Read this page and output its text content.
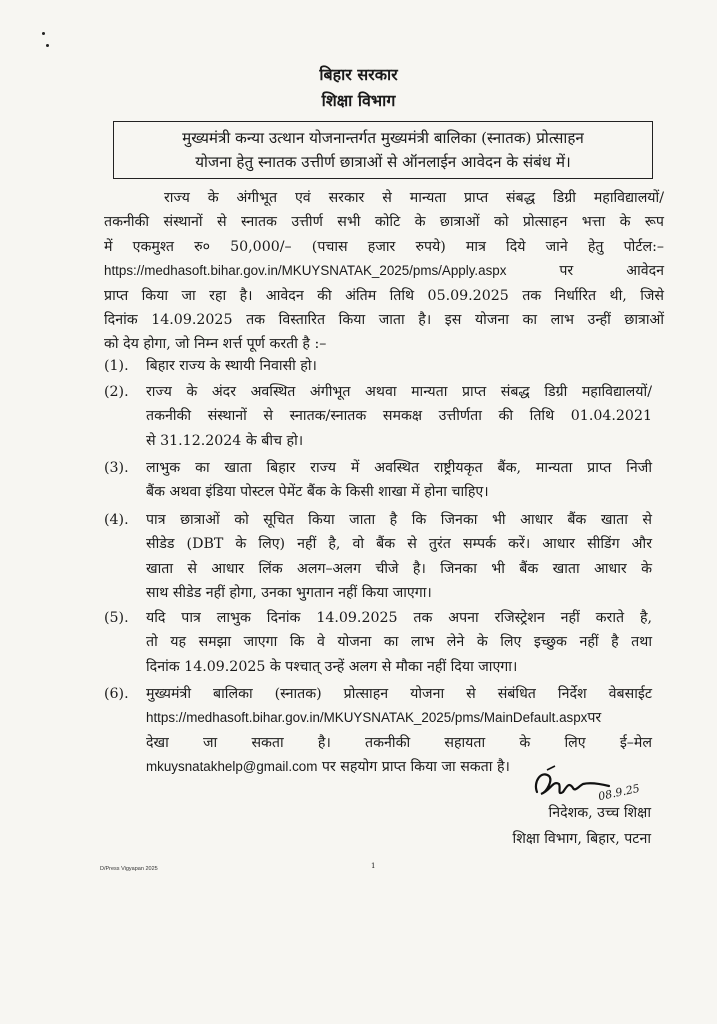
बिहार सरकार
शिक्षा विभाग
मुख्यमंत्री कन्या उत्थान योजनान्तर्गत मुख्यमंत्री बालिका (स्नातक) प्रोत्साहन
योजना हेतु स्नातक उत्तीर्ण छात्राओं से ऑनलाईन आवेदन के संबंध में।
राज्य के अंगीभूत एवं सरकार से मान्यता प्राप्त संबद्ध डिग्री महाविद्यालयों/
तकनीकी संस्थानों से स्नातक उत्तीर्ण सभी कोटि के छात्राओं को प्रोत्साहन भत्ता के रूप
में एकमुश्त रु० 50,000/– (पचास हजार रुपये) मात्र दिये जाने हेतु पोर्टल:–
https://medhasoft.bihar.gov.in/MKUYSNATAK_2025/pms/Apply.aspx पर आवेदन
प्राप्त किया जा रहा है। आवेदन की अंतिम तिथि 05.09.2025 तक निर्धारित थी, जिसे
दिनांक 14.09.2025 तक विस्तारित किया जाता है। इस योजना का लाभ उन्हीं छात्राओं
को देय होगा, जो निम्न शर्त्त पूर्ण करती है :–
(1). बिहार राज्य के स्थायी निवासी हो।
(2). राज्य के अंदर अवस्थित अंगीभूत अथवा मान्यता प्राप्त संबद्ध डिग्री महाविद्यालयों/
तकनीकी संस्थानों से स्नातक/स्नातक समकक्ष उत्तीर्णता की तिथि 01.04.2021
से 31.12.2024 के बीच हो।
(3). लाभुक का खाता बिहार राज्य में अवस्थित राष्ट्रीयकृत बैंक, मान्यता प्राप्त निजी
बैंक अथवा इंडिया पोस्टल पेमेंट बैंक के किसी शाखा में होना चाहिए।
(4). पात्र छात्राओं को सूचित किया जाता है कि जिनका भी आधार बैंक खाता से
सीडेड (DBT के लिए) नहीं है, वो बैंक से तुरंत सम्पर्क करें। आधार सीडिंग और
खाता से आधार लिंक अलग–अलग चीजे है। जिनका भी बैंक खाता आधार के
साथ सीडेड नहीं होगा, उनका भुगतान नहीं किया जाएगा।
(5). यदि पात्र लाभुक दिनांक 14.09.2025 तक अपना रजिस्ट्रेशन नहीं कराते है,
तो यह समझा जाएगा कि वे योजना का लाभ लेने के लिए इच्छुक नहीं है तथा
दिनांक 14.09.2025 के पश्चात् उन्हें अलग से मौका नहीं दिया जाएगा।
(6). मुख्यमंत्री बालिका (स्नातक) प्रोत्साहन योजना से संबंधित निर्देश वेबसाईट
https://medhasoft.bihar.gov.in/MKUYSNATAK_2025/pms/MainDefault.aspxपर
देखा जा सकता है। तकनीकी सहायता के लिए ई–मेल
mkuysnatakhelp@gmail.com पर सहयोग प्राप्त किया जा सकता है।
08.9.25
निदेशक, उच्च शिक्षा
शिक्षा विभाग, बिहार, पटना
1
D/Press Vigyapan 2025
